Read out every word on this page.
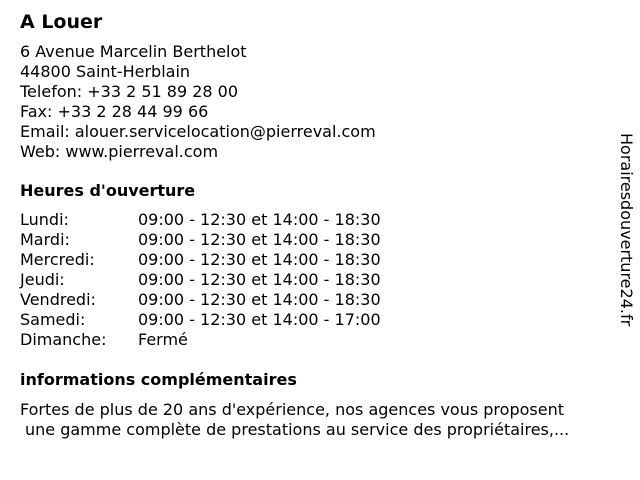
A Louer
6 Avenue Marcelin Berthelot
44800 Saint-Herblain
Telefon: +33 2 51 89 28 00
Fax: +33 2 28 44 99 66
Email: alouer.servicelocation@pierreval.com
Web: www.pierreval.com
Heures d'ouverture
Lundi:	09:00 - 12:30 et 14:00 - 18:30
Mardi:	09:00 - 12:30 et 14:00 - 18:30
Mercredi:	09:00 - 12:30 et 14:00 - 18:30
Jeudi:	09:00 - 12:30 et 14:00 - 18:30
Vendredi:	09:00 - 12:30 et 14:00 - 18:30
Samedi:	09:00 - 12:30 et 14:00 - 17:00
Dimanche:	Fermé
informations complémentaires
Fortes de plus de 20 ans d'expérience, nos agences vous proposent
une gamme complète de prestations au service des propriétaires,...
Horairesdouverture24.fr
